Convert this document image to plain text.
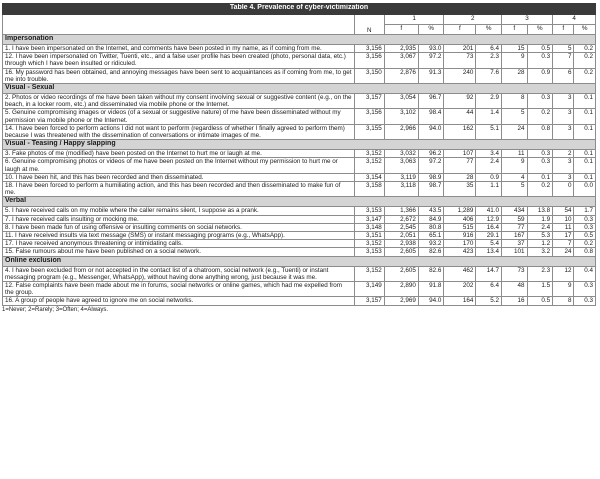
Table 4. Prevalence of cyber-victimization									
	N	1		2		3		4	
		f	%	f	%	f	%	f	%
Impersonation									
1. I have been impersonated on the Internet, and comments have been posted in my name, as if coming from me.	3,156	2,935	93.0	201	6.4	15	0.5	5	0.2
12. I have been impersonated on Twitter, Tuenti, etc., and a false user profile has been created (photo, personal data, etc.) through which I have been insulted or ridiculed.	3,156	3,067	97.2	73	2.3	9	0.3	7	0.2
16. My password has been obtained, and annoying messages have been sent to acquaintances as if coming from me, to get me into trouble.	3,150	2,876	91.3	240	7.6	28	0.9	6	0.2
Visual - Sexual									
2. Photos or video recordings of me have been taken without my consent involving sexual or suggestive content (e.g., on the beach, in a locker room, etc.) and disseminated via mobile phone or the Internet.	3,157	3,054	96.7	92	2.9	8	0.3	3	0.1
5. Genuine compromising images or videos (of a sexual or suggestive nature) of me have been disseminated without my permission via mobile phone or the Internet.	3,156	3,102	98.4	44	1.4	5	0.2	3	0.1
14. I have been forced to perform actions I did not want to perform (regardless of whether I finally agreed to perform them) because I was threatened with the dissemination of conversations or intimate images of me.	3,155	2,966	94.0	162	5.1	24	0.8	3	0.1
Visual - Teasing / Happy slapping									
3. Fake photos of me (modified) have been posted on the Internet to hurt me or laugh at me.	3,152	3,032	96.2	107	3.4	11	0.3	2	0.1
6. Genuine compromising photos or videos of me have been posted on the Internet without my permission to hurt me or laugh at me.	3,152	3,063	97.2	77	2.4	9	0.3	3	0.1
10. I have been hit, and this has been recorded and then disseminated.	3,154	3,119	98.9	28	0.9	4	0.1	3	0.1
18. I have been forced to perform a humiliating action, and this has been recorded and then disseminated to make fun of me.	3,158	3,118	98.7	35	1.1	5	0.2	0	0.0
Verbal									
5. I have received calls on my mobile where the caller remains silent, I suppose as a prank.	3,153	1,366	43.5	1,289	41.0	434	13.8	54	1.7
7. I have received calls insulting or mocking me.	3,147	2,672	84.9	406	12.9	59	1.9	10	0.3
8. I have been made fun of using offensive or insulting comments on social networks.	3,148	2,545	80.8	515	16.4	77	2.4	11	0.3
11. I have received insults via text message (SMS) or instant messaging programs (e.g., WhatsApp).	3,151	2,051	65.1	916	29.1	167	5.3	17	0.5
17. I have received anonymous threatening or intimidating calls.	3,152	2,938	93.2	170	5.4	37	1.2	7	0.2
15. False rumours about me have been published on a social network.	3,153	2,605	82.6	423	13.4	101	3.2	24	0.8
Online exclusion									
4. I have been excluded from or not accepted in the contact list of a chatroom, social network (e.g., Tuenti) or instant messaging program (e.g., Messenger, WhatsApp), without having done anything wrong, just because it was me.	3,152	2,605	82.6	462	14.7	73	2.3	12	0.4
12. False complaints have been made about me in forums, social networks or online games, which had me expelled from the group.	3,149	2,890	91.8	202	6.4	48	1.5	9	0.3
16. A group of people have agreed to ignore me on social networks.	3,157	2,969	94.0	164	5.2	16	0.5	8	0.3
1=Never; 2=Rarely; 3=Often; 4=Always.
